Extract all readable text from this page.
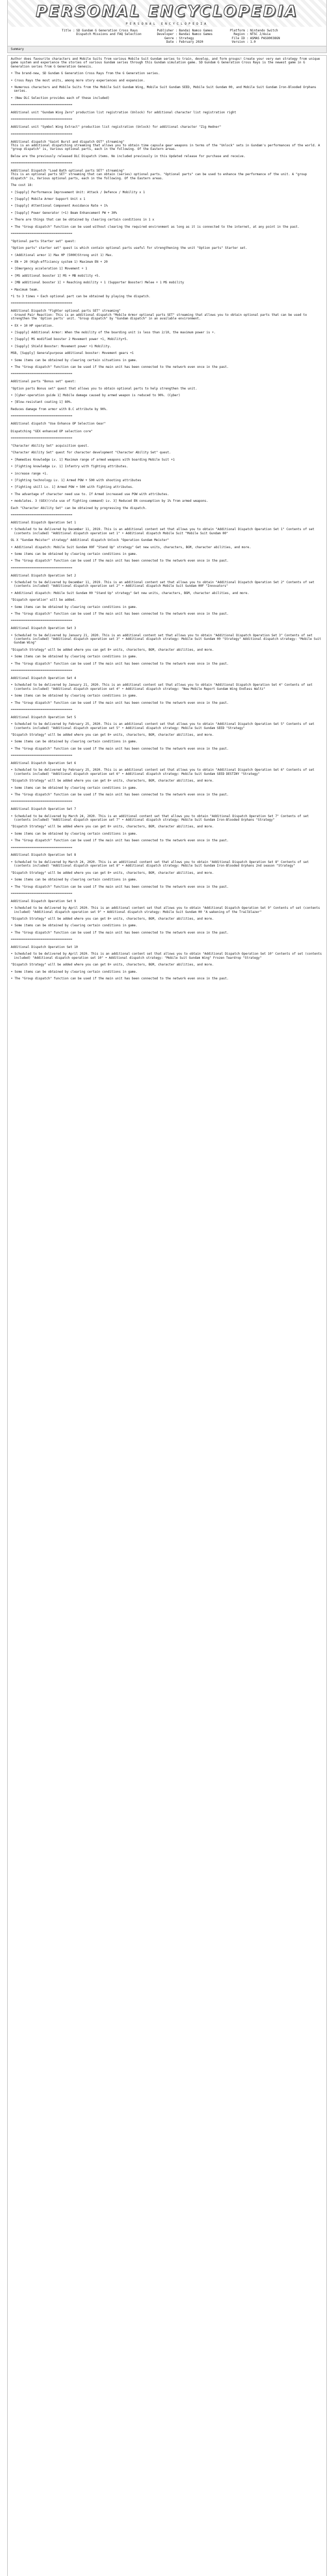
PERSONAL ENCYCLOPEDIA
PERSONAL ENCYCLOPEDIA
Title : SD Gundam G Generation Cross Rays
Dispatch Missions and FAQ Selection
Publisher : Bandai Namco Games
Developer : Bandai Namco Games
Genre : Strategy
Date : February 2020
Platform : Nintendo Switch
Region : NTSC J/Asia
File ID : ASMAS PASO0038GN
Version : 1.0
Summary

Author does favourite characters and Mobile Suits from various Mobile Suit Gundam series to train, develop, and form groups! Create your very own strategy from unique game system and experience the stories of various Gundam series through this Gundam simulation game. SD Gundam G Generation Cross Rays is the newest game in G Generation series from G Generation Genesis.

• The brand-new, SD Gundam G Generation Cross Rays from the G Generation series.

• Cross Rays the most units, among more story experiences and expansion.

• Numerous characters and Mobile Suits from the Mobile Suit Gundam Wing, Mobile Suit Gundam SEED, Mobile Suit Gundam 00, and Mobile Suit Gundam Iron-Blooded Orphans series.

• (New DLC Selection provides each of these included)

=================================

Additional unit "Gundam Wing Zero" production list registration (Unlock) for additional character list registration right

=================================

Additional unit "Symbol Wing Extract" production list registration (Unlock) for additional character "Zig Hedner"

=================================

Additional dispatch "Gaint Burst and dispatch OST" streaming"
This is an additional dispatching streaming that allows you to obtain time capsule gear weapons in terms of the "Unlock" sets in Gundam's performances of the world. A "group dispatch" is, Various optional parts, each in the following. Of the Eastern areas.

Below are the previously released DLC Dispatch items. No included previously in this Updated release for purchase and receive.

=================================

Additional Dispatch "Load Bath optional parts SET" streaming"
This is an optional parts SET" streaming that can obtain (series) optional parts. "Optional parts" can be used to enhance the performance of the unit. A "group dispatch" is, Various optional parts, each in the following. Of the Eastern areas.

The cost 18:

• [Supply] Performance Improvement Unit: Attack / Defence / Mobility x 1

• [Supply] Mobile Armor Support Unit x 1

• [Supply] Attentional Component Avoidance Rate + 1%

• [Supply] Power Generator (+1) Beam Enhancement PW + 30%

• There are things that can be obtained by clearing certain conditions in 1 x

• The "Group dispatch" function can be used without clearing the required environment as long as it is connected to the internet, at any point in the past.

=================================

"Optional parts Starter set" quest:

"Option parts" starter set" quest is which contain optional parts useful for strengthening the unit "Option parts" Starter set.

• (Additional armor 1) Max HP (5000)Strong unit 1) Max.

• EN + 20 (High-efficiency system 1) Maximum EN + 20

• [Emergency acceleration 1] Movement + 1

• [MS additional booster 1] MS + MB mobility +5.

• [MB additional booster 1] + Reaching mobility + 1 (Supporter Booster) Melee + 1 MS mobility

• Maximum team.

*1 to 3 times • Each optional part can be obtained by playing the dispatch.

=================================

Additional Dispatch "Fighter optional parts SET" streaming"
- Ground Pair Reaction: This is an additional dispatch "Mobile Armor optional parts SET" streaming that allows you to obtain optional parts that can be used to strengthen the 'Option parts' unit. "Group dispatch" by "Gundam dispatch" in an available environment.

• EX + 10 HP operation.

• [Supply] Additional Armor: When the mobility of the boarding unit is less than 2/10, the maximum power is +.

• [Supply] MS modified booster 2 Movement power +1, Mobility+5.

• [Supply] Shield Booster: Movement power +1 Mobility.

MSB, [Supply] Generalpurpose additional booster: Movement gears +1

• Some items can be obtained by clearing certain situations in game.

• The "Group dispatch" function can be used if the main unit has been connected to the network even once in the past.

=================================

Additional parts "Bonus set" quest:

"Option parts Bonus set" quest that allows you to obtain optional parts to help strengthen the unit.

• [Cyber-operation guide 1] Mobile damage caused by armed weapon is reduced to 90%. (Cyber)

• [Blow-resistant coating 1] 80%.

Reduces damage from armor with B.C attribute by 90%.

=================================

Additional dispatch "Use Enhance OP Selection Gear"

Dispatching "GEX enhanced OP selection core"

=================================

"Character Ability Set" acquisition quest.

"Character Ability Set" quest for character development "Character Ability Set" quest.

• [Remedies Knowledge Lv. 1] Maximum range of armed weapons with boarding Mobile Suit +1

• [Fighting knowledge Lv. 1] Infantry with fighting attributes.

• increase range +1.

• [Fighting technology Lv. 1] Armed POW + 500 with shooting attributes

• [Fighting skill Lv. 1] Armed POW + 500 with fighting attributes.

• The advantage of character need use to. If Armed increased use POW with attributes.

• modulates. 3 (GEX)(rule use of fighting command) Lv. 3] Reduced EN consumption by 1% from armed weapons.

Each "Character Ability Set" can be obtained by progressing the dispatch.

=================================

Additional Dispatch Operation Set 1

• Scheduled to be delivered by December 11, 2019. This is an additional content set that allows you to obtain "Additional Dispatch Operation Set 1" Contents of set (contents included) "Additional dispatch operation set 1" • Additional dispatch Mobile Suit "Mobile Suit Gundam 00"

OL X "Gundam Meister" strategy" Additional dispatch Unlock "Operation Gundam Meister"

• Additional dispatch: Mobile Suit Gundam 00F "Stand Up" strategy" Get new units, characters, BGM, character abilities, and more.

• Some items can be obtained by clearing certain conditions in game.

• The "Group dispatch" function can be used if the main unit has been connected to the network even once in the past.

=================================

Additional Dispatch Operation Set 2

• Scheduled to be delivered by December 11, 2019. This is an additional content set that allows you to obtain "Additional Dispatch Operation Set 2" Contents of set (contents included) "Additional dispatch operation set 2" • Additional dispatch Mobile Suit Gundam 00F "Innovators"

• Additional dispatch: Mobile Suit Gundam 00 "Stand Up" strategy" Get new units, characters, BGM, character abilities, and more.

"Dispatch operation" will be added.

• Some items can be obtained by clearing certain conditions in game.

• The "Group dispatch" function can be used if the main unit has been connected to the network even once in the past.

=================================

Additional Dispatch Operation Set 3

• Scheduled to be delivered by January 21, 2020. This is an additional content set that allows you to obtain "Additional Dispatch Operation Set 3" Contents of set (contents included) "Additional dispatch operation set 3" • Additional dispatch strategy: Mobile Suit Gundam 00 "Strategy" Additional dispatch strategy: "Mobile Suit Gundam Wing"

"Dispatch Strategy" will be added where you can get 8+ units, characters, BGM, character abilities, and more.

• Some items can be obtained by clearing certain conditions in game.

• The "Group dispatch" function can be used if the main unit has been connected to the network even once in the past.

=================================

Additional Dispatch Operation Set 4

• Scheduled to be delivered by January 21, 2020. This is an additional content set that allows you to obtain "Additional Dispatch Operation Set 4" Contents of set (contents included) "Additional dispatch operation set 4" • Additional dispatch strategy: "New Mobile Report Gundam Wing Endless Waltz"

• Some items can be obtained by clearing certain conditions in game.

• The "Group dispatch" function can be used if the main unit has been connected to the network even once in the past.

=================================

Additional Dispatch Operation Set 5

• Scheduled to be delivered by February 25, 2020. This is an additional content set that allows you to obtain "Additional Dispatch Operation Set 5" Contents of set (contents included) "Additional dispatch operation set 5" • Additional dispatch strategy: Mobile Suit Gundam SEED "Strategy"

"Dispatch Strategy" will be added where you can get 8+ units, characters, BGM, character abilities, and more.

• Some items can be obtained by clearing certain conditions in game.

• The "Group dispatch" function can be used if the main unit has been connected to the network even once in the past.

=================================

Additional Dispatch Operation Set 6

• Scheduled to be delivered by February 25, 2020. This is an additional content set that allows you to obtain "Additional Dispatch Operation Set 6" Contents of set (contents included) "Additional dispatch operation set 6" • Additional dispatch strategy: Mobile Suit Gundam SEED DESTINY "Strategy"

"Dispatch Strategy" will be added where you can get 8+ units, characters, BGM, character abilities, and more.

• Some items can be obtained by clearing certain conditions in game.

• The "Group dispatch" function can be used if the main unit has been connected to the network even once in the past.

=================================

Additional Dispatch Operation Set 7

• Scheduled to be delivered by March 24, 2020. This is an additional content set that allows you to obtain "Additional Dispatch Operation Set 7" Contents of set (contents included) "Additional dispatch operation set 7" • Additional dispatch strategy: Mobile Suit Gundam Iron-Blooded Orphans "Strategy"

"Dispatch Strategy" will be added where you can get 8+ units, characters, BGM, character abilities, and more.

• Some items can be obtained by clearing certain conditions in game.

• The "Group dispatch" function can be used if the main unit has been connected to the network even once in the past.

=================================

Additional Dispatch Operation Set 8

• Scheduled to be delivered by March 24, 2020. This is an additional content set that allows you to obtain "Additional Dispatch Operation Set 8" Contents of set (contents included) "Additional dispatch operation set 8" • Additional dispatch strategy: Mobile Suit Gundam Iron-Blooded Orphans 2nd season "Strategy"

"Dispatch Strategy" will be added where you can get 8+ units, characters, BGM, character abilities, and more.

• Some items can be obtained by clearing certain conditions in game.

• The "Group dispatch" function can be used if the main unit has been connected to the network even once in the past.

=================================

Additional Dispatch Operation Set 9

• Scheduled to be delivered by April 2020. This is an additional content set that allows you to obtain "Additional Dispatch Operation Set 9" Contents of set (contents included) "Additional dispatch operation set 9" • Additional dispatch strategy: Mobile Suit Gundam 00 "A wakening of the Trailblazer"

"Dispatch Strategy" will be added where you can get 8+ units, characters, BGM, character abilities, and more.

• Some items can be obtained by clearing certain conditions in game.

• The "Group dispatch" function can be used if the main unit has been connected to the network even once in the past.

=================================

Additional Dispatch Operation Set 10

• Scheduled to be delivered by April 2020. This is an additional content set that allows you to obtain "Additional Dispatch Operation Set 10" Contents of set (contents included) "Additional dispatch operation set 10" • Additional dispatch strategy: "Mobile Suit Gundam Wing" Frozen Teardrop "Strategy"

"Dispatch Strategy" will be added where you can get 8+ units, characters, BGM, character abilities, and more.

• Some items can be obtained by clearing certain conditions in game.

• The "Group dispatch" function can be used if the main unit has been connected to the network even once in the past.
